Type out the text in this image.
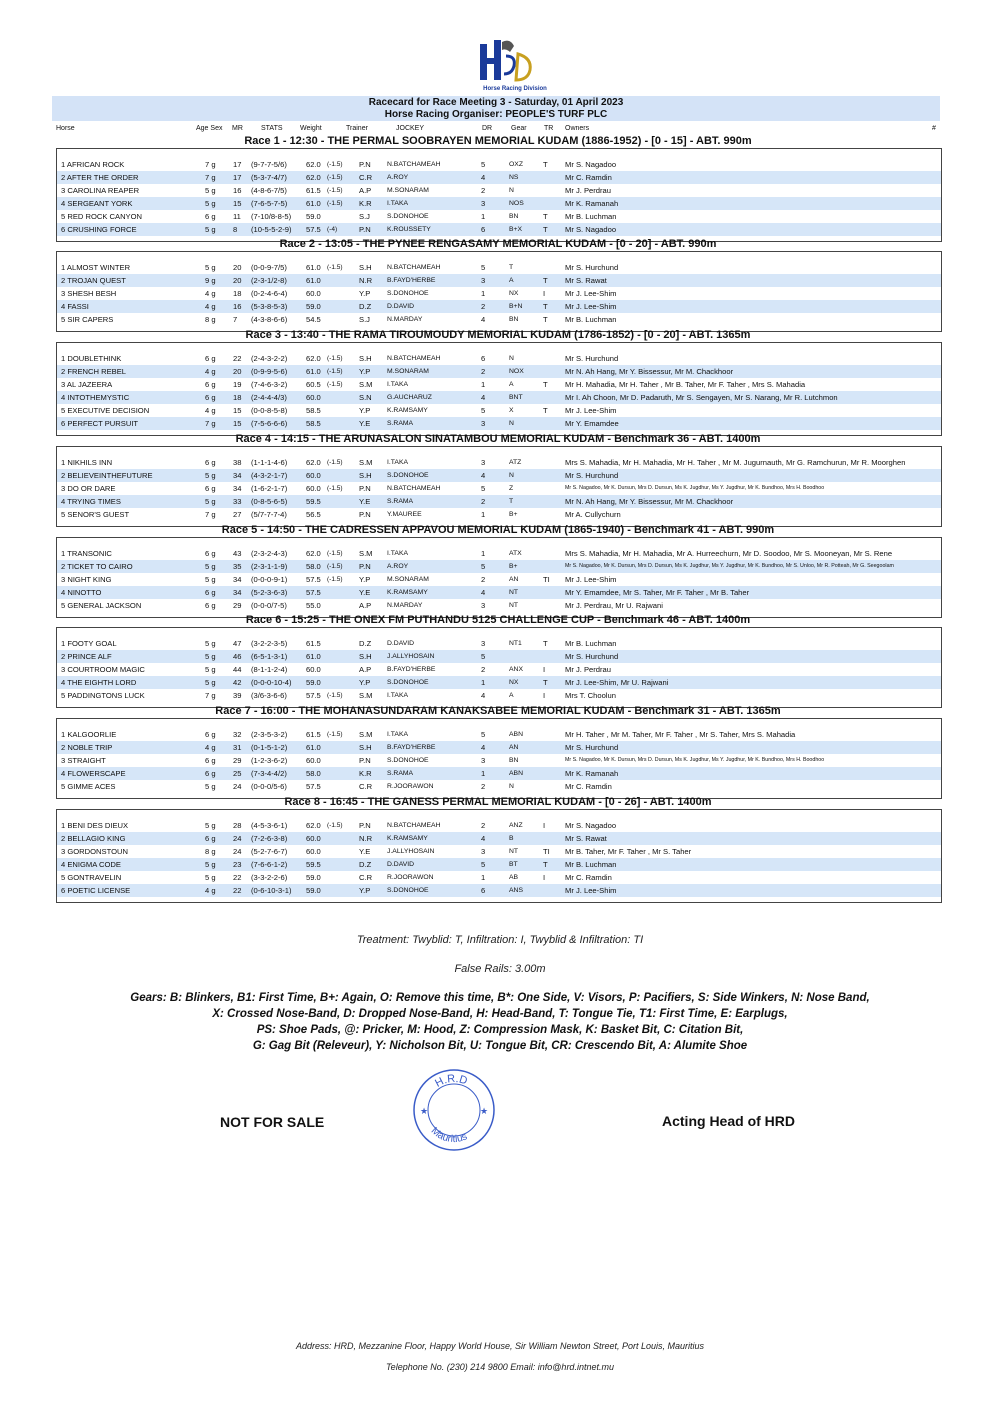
Horse Racing Division
Racecard for Race Meeting 3 - Saturday, 01 April 2023
Horse Racing Organiser: PEOPLE'S TURF PLC
Horse	Age Sex MR	STATS Weight	Trainer	JOCKEY	DR	Gear TR Owners	#
Race 1 - 12:30 - THE PERMAL SOOBRAYEN MEMORIAL KUDAM (1886-1952) - [0 - 15] - ABT. 990m
1 AFRICAN ROCK	7 g	17	(9-7-7-5/6)	62.0 (-1.5)	P.N	N.BATCHAMEAH	5	OXZ	T	Mr S. Nagadoo
2 AFTER THE ORDER	7 g	17	(5-3-7-4/7)	62.0 (-1.5)	C.R	A.ROY	4	NS	Mr C. Ramdin
3 CAROLINA REAPER	5 g	16	(4-8-6-7/5)	61.5 (-1.5)	A.P	M.SONARAM	2	N	Mr J. Perdrau
4 SERGEANT YORK	5 g	15	(7-6-5-7-5)	61.0 (-1.5)	K.R	I.TAKA	3	NOS	Mr K. Ramanah
5 RED ROCK CANYON	6 g	11	(7-10/8-8-5)	59.0	S.J	S.DONOHOE	1	BN	T	Mr B. Luchman
6 CRUSHING FORCE	5 g	8	(10-5-5-2-9)	57.5 (-4)	P.N	K.ROUSSETY	6	B+X	T	Mr S. Nagadoo
Race 2 - 13:05 - THE PYNEE RENGASAMY MEMORIAL KUDAM - [0 - 20] - ABT. 990m
1 ALMOST WINTER	5 g	20	(0-0-9-7/5)	61.0 (-1.5)	S.H	N.BATCHAMEAH	5	T	Mr S. Hurchund
2 TROJAN QUEST	9 g	20	(2-3-1/2-8)	61.0	N.R	B.FAYD'HERBE	3	A	T	Mr S. Rawat
3 SHESH BESH	4 g	18	(0-2-4-6-4)	60.0	Y.P	S.DONOHOE	1	NX	I	Mr J. Lee-Shim
4 FASSI	4 g	16	(5-3-8-5-3)	59.0	D.Z	D.DAVID	2	B+N	T	Mr J. Lee-Shim
5 SIR CAPERS	8 g	7	(4-3-8-6-6)	54.5	S.J	N.MARDAY	4	BN	T	Mr B. Luchman
Race 3 - 13:40 - THE RAMA TIROUMOUDY MEMORIAL KUDAM (1786-1852) - [0 - 20] - ABT. 1365m
1 DOUBLETHINK	6 g	22	(2-4-3-2-2)	62.0 (-1.5)	S.H	N.BATCHAMEAH	6	N	Mr S. Hurchund
2 FRENCH REBEL	4 g	20	(0-9-9-5-6)	61.0 (-1.5)	Y.P	M.SONARAM	2	NOX	Mr N. Ah Hang, Mr Y. Bissessur, Mr M. Chackhoor
3 AL JAZEERA	6 g	19	(7-4-6-3-2)	60.5 (-1.5)	S.M	I.TAKA	1	A	T	Mr H. Mahadia, Mr H. Taher , Mr B. Taher, Mr F. Taher , Mrs S. Mahadia
4 INTOTHEMYSTIC	6 g	18	(2-4-4-4/3)	60.0	S.N	G.AUCHARUZ	4	BNT	Mr I. Ah Choon, Mr D. Padaruth, Mr S. Sengayen, Mr S. Narang, Mr R. Lutchmon
5 EXECUTIVE DECISION	4 g	15	(0-0-8-5-8)	58.5	Y.P	K.RAMSAMY	5	X	T	Mr J. Lee-Shim
6 PERFECT PURSUIT	7 g	15	(7-5-6-6-6)	58.5	Y.E	S.RAMA	3	N	Mr Y. Emamdee
Race 4 - 14:15 - THE ARUNASALON SINATAMBOU MEMORIAL KUDAM - Benchmark 36 - ABT. 1400m
1 NIKHILS INN	6 g	38	(1-1-1-4-6)	62.0 (-1.5)	S.M	I.TAKA	3	ATZ	Mrs S. Mahadia, Mr H. Mahadia, Mr H. Taher , Mr M. Jugurnauth, Mr G. Ramchurun, Mr R. Moorghen
2 BELIEVEINTHEFUTURE	5 g	34	(4-3-2-1-7)	60.0	S.H	S.DONOHOE	4	N	Mr S. Hurchund
3 DO OR DARE	6 g	34	(1-6-2-1-7)	60.0 (-1.5)	P.N	N.BATCHAMEAH	5	Z	Mr S. Nagadoo, Mr K. Dursun, Mrs D. Dursun, Ms K. Jugdhur, Ms Y. Jugdhur, Mr K. Bundhoo, Mrs H. Boodhoo
4 TRYING TIMES	5 g	33	(0-8-5-6-5)	59.5	Y.E	S.RAMA	2	T	Mr N. Ah Hang, Mr Y. Bissessur, Mr M. Chackhoor
5 SENOR'S GUEST	7 g	27	(5/7-7-7-4)	56.5	P.N	Y.MAUREE	1	B+	Mr A. Cullychurn
Race 5 - 14:50 - THE CADRESSEN APPAVOU MEMORIAL KUDAM (1865-1940) - Benchmark 41 - ABT. 990m
1 TRANSONIC	6 g	43	(2-3-2-4-3)	62.0 (-1.5)	S.M	I.TAKA	1	ATX	Mrs S. Mahadia, Mr H. Mahadia, Mr A. Hurreechurn, Mr D. Soodoo, Mr S. Mooneyan, Mr S. Rene
2 TICKET TO CAIRO	5 g	35	(2-3-1-1-9)	58.0 (-1.5)	P.N	A.ROY	5	B+	Mr S. Nagadoo, Mr K. Dursun, Mrs D. Dursun, Ms K. Jugdhur, Ms Y. Jugdhur, Mr K. Bundhoo, Mr S. Unloo, Mr R. Potteah, Mr G. Seegoolam
3 NIGHT KING	5 g	34	(0-0-0-9-1)	57.5 (-1.5)	Y.P	M.SONARAM	2	AN	TI	Mr J. Lee-Shim
4 NINOTTO	6 g	34	(5-2-3-6-3)	57.5	Y.E	K.RAMSAMY	4	NT	Mr Y. Emamdee, Mr S. Taher, Mr F. Taher , Mr B. Taher
5 GENERAL JACKSON	6 g	29	(0-0-0/7-5)	55.0	A.P	N.MARDAY	3	NT	Mr J. Perdrau, Mr U. Rajwani
Race 6 - 15:25 - THE ONEX FM PUTHANDU 5125 CHALLENGE CUP - Benchmark 46 - ABT. 1400m
1 FOOTY GOAL	5 g	47	(3-2-2-3-5)	61.5	D.Z	D.DAVID	3	NT1	T	Mr B. Luchman
2 PRINCE ALF	5 g	46	(6-5-1-3-1)	61.0	S.H	J.ALLYHOSAIN	5	Mr S. Hurchund
3 COURTROOM MAGIC	5 g	44	(8-1-1-2-4)	60.0	A.P	B.FAYD'HERBE	2	ANX	I	Mr J. Perdrau
4 THE EIGHTH LORD	5 g	42	(0-0-0-10-4)	59.0	Y.P	S.DONOHOE	1	NX	T	Mr J. Lee-Shim, Mr U. Rajwani
5 PADDINGTONS LUCK	7 g	39	(3/6-3-6-6)	57.5 (-1.5)	S.M	I.TAKA	4	A	I	Mrs T. Choolun
Race 7 - 16:00 - THE MOHANASUNDARAM KANAKSABEE MEMORIAL KUDAM - Benchmark 31 - ABT. 1365m
1 KALGOORLIE	6 g	32	(2-3-5-3-2)	61.5 (-1.5)	S.M	I.TAKA	5	ABN	Mr H. Taher , Mr M. Taher, Mr F. Taher , Mr S. Taher, Mrs S. Mahadia
2 NOBLE TRIP	4 g	31	(0-1-5-1-2)	61.0	S.H	B.FAYD'HERBE	4	AN	Mr S. Hurchund
3 STRAIGHT	6 g	29	(1-2-3-6-2)	60.0	P.N	S.DONOHOE	3	BN	Mr S. Nagadoo, Mr K. Dursun, Mrs D. Dursun, Ms K. Jugdhur, Ms Y. Jugdhur, Mr K. Bundhoo, Mrs H. Boodhoo
4 FLOWERSCAPE	6 g	25	(7-3-4-4/2)	58.0	K.R	S.RAMA	1	ABN	Mr K. Ramanah
5 GIMME ACES	5 g	24	(0-0-0/5-6)	57.5	C.R	R.JOORAWON	2	N	Mr C. Ramdin
Race 8 - 16:45 - THE GANESS PERMAL MEMORIAL KUDAM - [0 - 26] - ABT. 1400m
1 BENI DES DIEUX	5 g	28	(4-5-3-6-1)	62.0 (-1.5)	P.N	N.BATCHAMEAH	2	ANZ	I	Mr S. Nagadoo
2 BELLAGIO KING	6 g	24	(7-2-6-3-8)	60.0	N.R	K.RAMSAMY	4	B	Mr S. Rawat
3 GORDONSTOUN	8 g	24	(5-2-7-6-7)	60.0	Y.E	J.ALLYHOSAIN	3	NT	TI	Mr B. Taher, Mr F. Taher , Mr S. Taher
4 ENIGMA CODE	5 g	23	(7-6-6-1-2)	59.5	D.Z	D.DAVID	5	BT	T	Mr B. Luchman
5 GONTRAVELIN	5 g	22	(3-3-2-2-6)	59.0	C.R	R.JOORAWON	1	AB	I	Mr C. Ramdin
6 POETIC LICENSE	4 g	22	(0-6-10-3-1)	59.0	Y.P	S.DONOHOE	6	ANS	Mr J. Lee-Shim
Treatment: Twyblid: T, Infiltration: I, Twyblid & Infiltration: TI
False Rails: 3.00m
Gears: B: Blinkers, B1: First Time, B+: Again, O: Remove this time, B*: One Side, V: Visors, P: Pacifiers, S: Side Winkers, N: Nose Band,
X: Crossed Nose-Band, D: Dropped Nose-Band, H: Head-Band, T: Tongue Tie, T1: First Time, E: Earplugs,
PS: Shoe Pads, @: Pricker, M: Hood, Z: Compression Mask, K: Basket Bit, C: Citation Bit,
G: Gag Bit (Releveur), Y: Nicholson Bit, U: Tongue Bit, CR: Crescendo Bit, A: Alumite Shoe
NOT FOR SALE	Acting Head of HRD
H.R.D
Mauritius
★	★
Address: HRD, Mezzanine Floor, Happy World House, Sir William Newton Street, Port Louis, Mauritius
Telephone No. (230) 214 9800 Email: info@hrd.intnet.mu
